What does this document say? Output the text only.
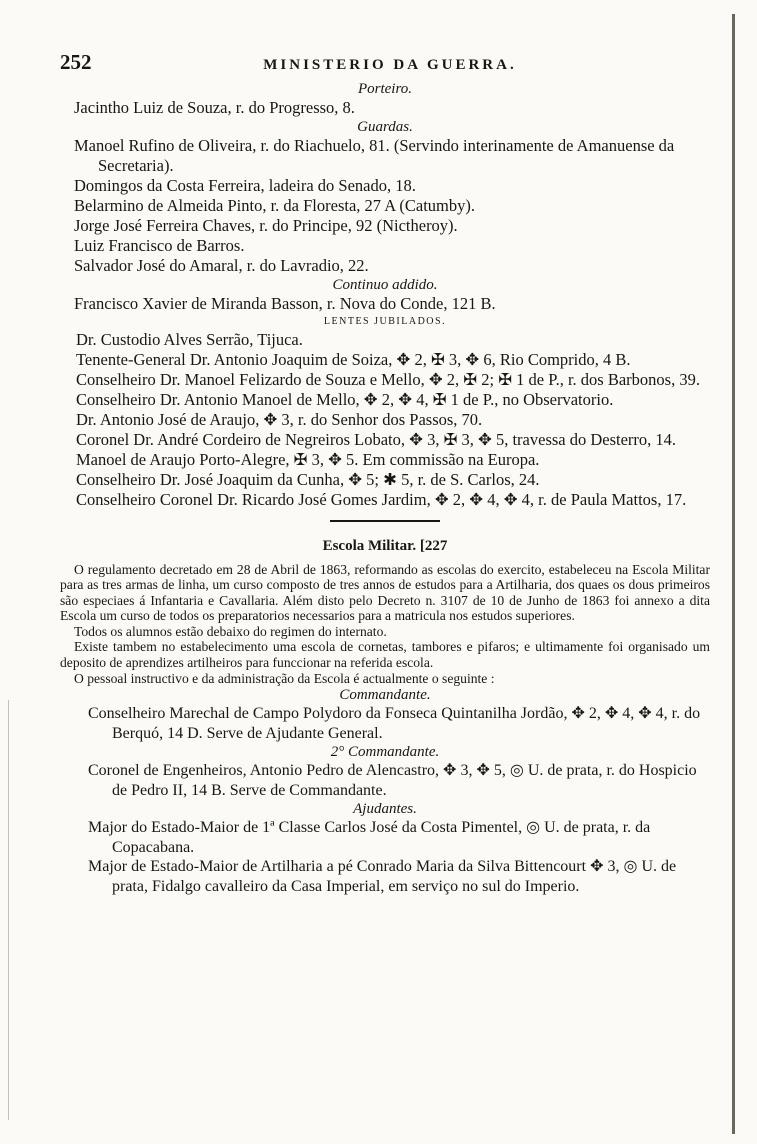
252	MINISTERIO DA GUERRA.
Porteiro.
Jacintho Luiz de Souza, r. do Progresso, 8.
Guardas.
Manoel Rufino de Oliveira, r. do Riachuelo, 81. (Servindo interinamente de Amanuense da Secretaria).
Domingos da Costa Ferreira, ladeira do Senado, 18.
Belarmino de Almeida Pinto, r. da Floresta, 27 A (Catumby).
Jorge José Ferreira Chaves, r. do Principe, 92 (Nictheroy).
Luiz Francisco de Barros.
Salvador José do Amaral, r. do Lavradio, 22.
Continuo addido.
Francisco Xavier de Miranda Basson, r. Nova do Conde, 121 B.
LENTES JUBILADOS.
Dr. Custodio Alves Serrão, Tijuca.
Tenente-General Dr. Antonio Joaquim de Soiza, ✥ 2, ✠ 3, ✥ 6, Rio Comprido, 4 B.
Conselheiro Dr. Manoel Felizardo de Souza e Mello, ✥ 2, ✠ 2; ✠ 1 de P., r. dos Barbonos, 39.
Conselheiro Dr. Antonio Manoel de Mello, ✥ 2, ✥ 4, ✠ 1 de P., no Observatorio.
Dr. Antonio José de Araujo, ✥ 3, r. do Senhor dos Passos, 70.
Coronel Dr. André Cordeiro de Negreiros Lobato, ✥ 3, ✠ 3, ✥ 5, travessa do Desterro, 14.
Manoel de Araujo Porto-Alegre, ✠ 3, ✥ 5. Em commissão na Europa.
Conselheiro Dr. José Joaquim da Cunha, ✥ 5; ✱ 5, r. de S. Carlos, 24.
Conselheiro Coronel Dr. Ricardo José Gomes Jardim, ✥ 2, ✥ 4, ✥ 4, r. de Paula Mattos, 17.
Escola Militar. [227
O regulamento decretado em 28 de Abril de 1863, reformando as escolas do exercito, estabeleceu na Escola Militar para as tres armas de linha, um curso composto de tres annos de estudos para a Artilharia, dos quaes os dous primeiros são especiaes á Infantaria e Cavallaria. Além disto pelo Decreto n. 3107 de 10 de Junho de 1863 foi annexo a dita Escola um curso de todos os preparatorios necessarios para a matricula nos estudos superiores.
Todos os alumnos estão debaixo do regimen do internato.
Existe tambem no estabelecimento uma escola de cornetas, tambores e pifaros; e ultimamente foi organisado um deposito de aprendizes artilheiros para funccionar na referida escola.
O pessoal instructivo e da administração da Escola é actualmente o seguinte :
Commandante.
Conselheiro Marechal de Campo Polydoro da Fonseca Quintanilha Jordão, ✥ 2, ✥ 4, ✥ 4, r. do Berquó, 14 D. Serve de Ajudante General.
2° Commandante.
Coronel de Engenheiros, Antonio Pedro de Alencastro, ✥ 3, ✥ 5, ◎ U. de prata, r. do Hospicio de Pedro II, 14 B. Serve de Commandante.
Ajudantes.
Major do Estado-Maior de 1ª Classe Carlos José da Costa Pimentel, ◎ U. de prata, r. da Copacabana.
Major de Estado-Maior de Artilharia a pé Conrado Maria da Silva Bittencourt ✥ 3, ◎ U. de prata, Fidalgo cavalleiro da Casa Imperial, em serviço no sul do Imperio.
